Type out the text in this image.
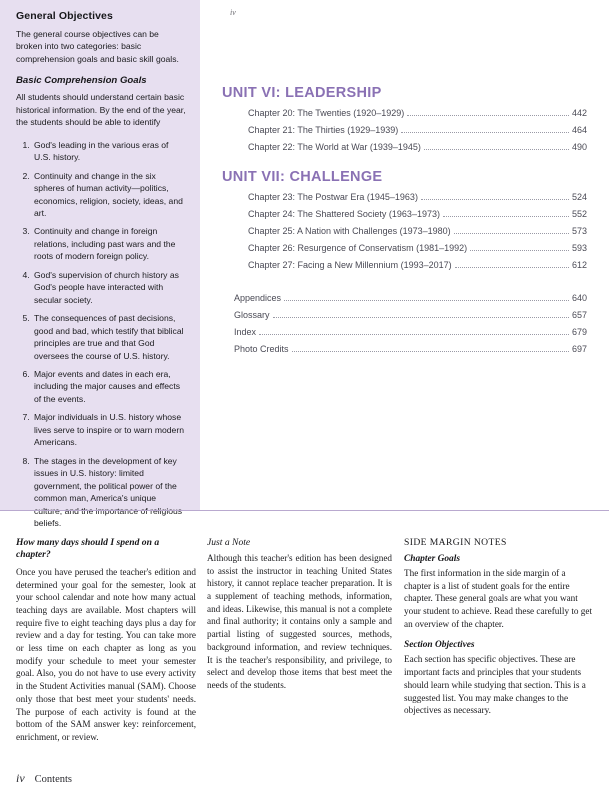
General Objectives

The general course objectives can be broken into two categories: basic comprehension goals and basic skill goals.

Basic Comprehension Goals

All students should understand certain basic historical information. By the end of the year, the students should be able to identify

1. God's leading in the various eras of U.S. history.
2. Continuity and change in the six spheres of human activity—politics, economics, religion, society, ideas, and art.
3. Continuity and change in foreign relations, including past wars and the roots of modern foreign policy.
4. God's supervision of church history as God's people have interacted with secular society.
5. The consequences of past decisions, good and bad, which testify that biblical principles are true and that God oversees the course of U.S. history.
6. Major events and dates in each era, including the major causes and effects of the events.
7. Major individuals in U.S. history whose lives serve to inspire or to warn modern Americans.
8. The stages in the development of key issues in U.S. history: limited government, the political power of the common man, America's unique culture, and the importance of religious beliefs.
iv
UNIT VI: LEADERSHIP
Chapter 20: The Twenties (1920–1929)	442
Chapter 21: The Thirties (1929–1939)	464
Chapter 22: The World at War (1939–1945)	490
UNIT VII: CHALLENGE
Chapter 23: The Postwar Era (1945–1963)	524
Chapter 24: The Shattered Society (1963–1973)	552
Chapter 25: A Nation with Challenges (1973–1980)	573
Chapter 26: Resurgence of Conservatism (1981–1992)	593
Chapter 27: Facing a New Millennium (1993–2017)	612
Appendices	640
Glossary	657
Index	679
Photo Credits	697
How many days should I spend on a chapter?

Once you have perused the teacher's edition and determined your goal for the semester, look at your school calendar and note how many actual teaching days are available. Most chapters will require five to eight teaching days plus a day for review and a day for testing. You can take more or less time on each chapter as long as you modify your schedule to meet your semester goal. Also, you do not have to use every activity in the Student Activities manual (SAM). Choose only those that best meet your students' needs. The purpose of each activity is found at the bottom of the SAM answer key: reinforcement, enrichment, or review.

Just a Note

Although this teacher's edition has been designed to assist the instructor in teaching United States history, it cannot replace teacher preparation. It is a supplement of teaching methods, information, and ideas. Likewise, this manual is not a complete and final authority; it contains only a sample and partial listing of suggested sources, methods, background information, and review techniques. It is the teacher's responsibility, and privilege, to select and develop those items that best meet the needs of the students.

SIDE MARGIN NOTES
Chapter Goals

The first information in the side margin of a chapter is a list of student goals for the entire chapter. These general goals are what you want your student to achieve. Read these carefully to get an overview of the chapter.

Section Objectives

Each section has specific objectives. These are important facts and principles that your students should learn while studying that section. This is a suggested list. You may make changes to the objectives as necessary.

iv Contents
